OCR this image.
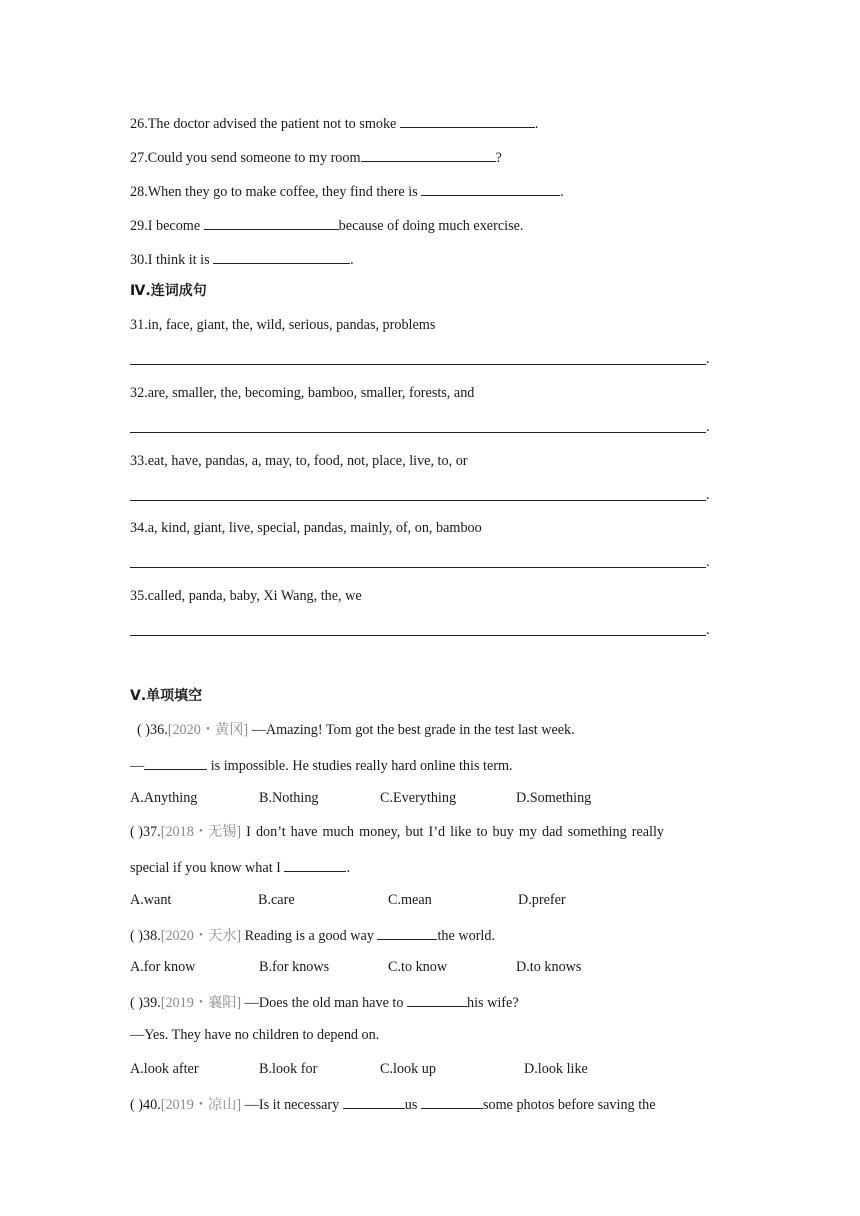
26.The doctor advised the patient not to smoke	.
27.Could you send someone to my room	?
28.When they go to make coffee, they find there is	.
29.I become	because of doing much exercise.
30.I think it is	.
Ⅳ.连词成句
31.in, face, giant, the, wild, serious, pandas, problems
.
32.are, smaller, the, becoming, bamboo, smaller, forests, and
.
33.eat, have, pandas, a, may, to, food, not, place, live, to, or
.
34.a, kind, giant, live, special, pandas, mainly, of, on, bamboo
.
35.called, panda, baby, Xi Wang, the, we
.
Ⅴ.单项填空
( )36.[2020・黄冈] —Amazing! Tom got the best grade in the test last week.
—	is impossible. He studies really hard online this term.
A.Anything	B.Nothing	C.Everything	D.Something
( )37.[2018・无锡] I don’t have much money, but I’d like to buy my dad something really
special if you know what I	.
A.want	B.care	C.mean	D.prefer
( )38.[2020・天水] Reading is a good way	the world.
A.for know	B.for knows	C.to know	D.to knows
( )39.[2019・襄阳] —Does the old man have to	his wife?
—Yes. They have no children to depend on.
A.look after	B.look for	C.look up	D.look like
( )40.[2019・凉山] —Is it necessary	us	some photos before saving the
